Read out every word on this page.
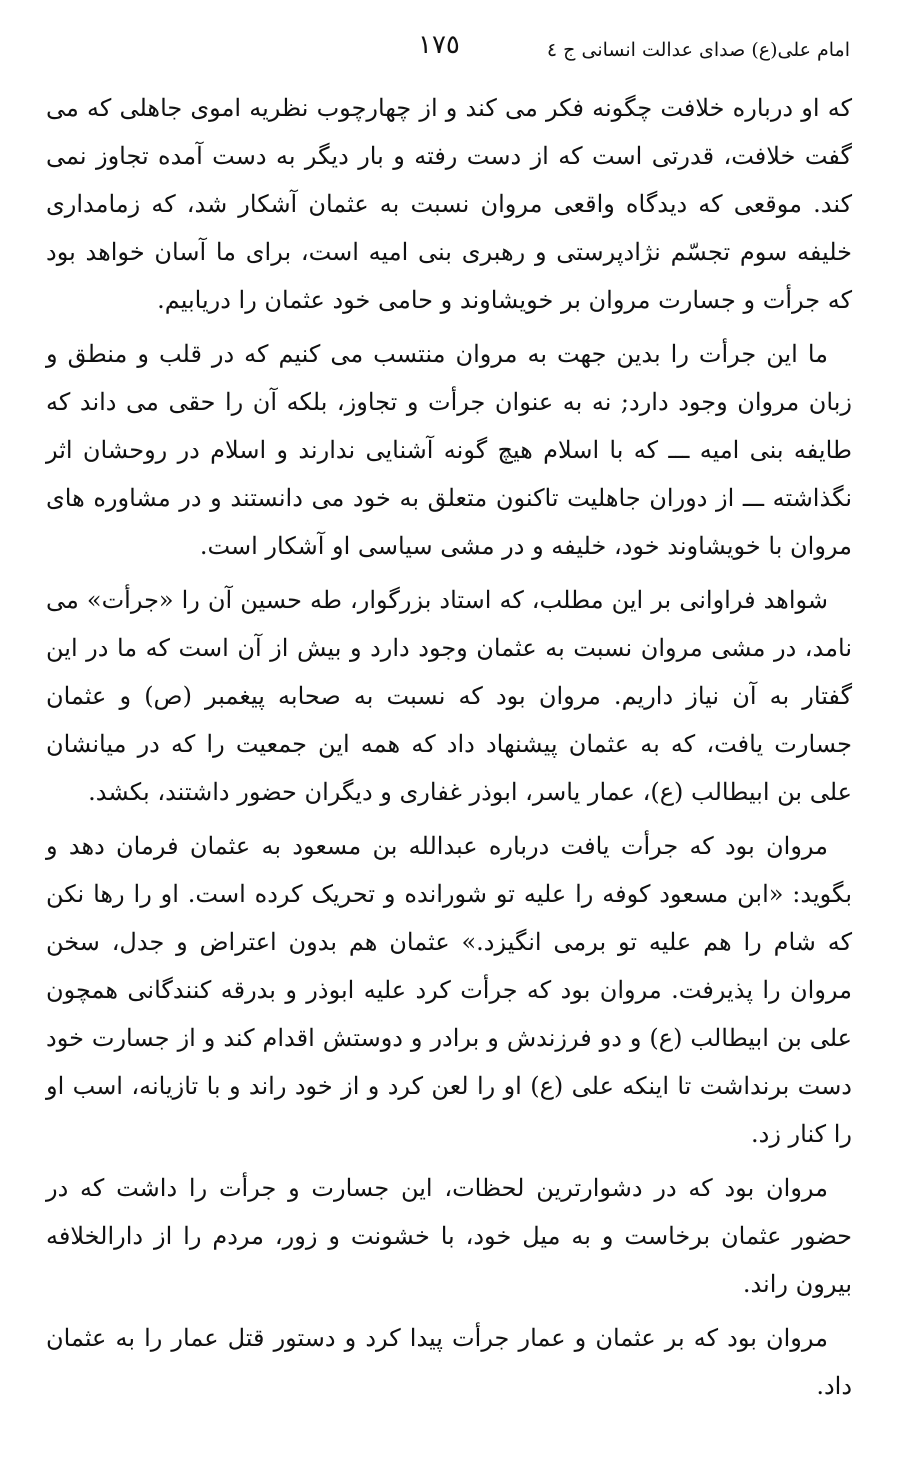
امام علی(ع) صدای عدالت انسانی ج ٤
١٧٥

كه او درباره خلافت چگونه فكر می كند و از چهارچوب نظريه اموی جاهلی كه می گفت خلافت، قدرتی است كه از دست رفته و بار ديگر به دست آمده تجاوز نمی كند. موقعی كه ديدگاه واقعی مروان نسبت به عثمان آشكار شد، كه زمامداری خليفه سوم تجسّم نژادپرستی و رهبری بنی اميه است، برای ما آسان خواهد بود كه جرأت و جسارت مروان بر خويشاوند و حامی خود عثمان را دريابيم.

ما اين جرأت را بدين جهت به مروان منتسب می كنيم كه در قلب و منطق و زبان مروان وجود دارد; نه به عنوان جرأت و تجاوز، بلكه آن را حقی می داند كه طايفه بنی اميه ـــ كه با اسلام هيچ گونه آشنايی ندارند و اسلام در روحشان اثر نگذاشته ـــ از دوران جاهليت تاكنون متعلق به خود می دانستند و در مشاوره های مروان با خويشاوند خود، خليفه و در مشی سياسی او آشكار است.

شواهد فراوانی بر اين مطلب، كه استاد بزرگوار، طه حسين آن را «جرأت» می نامد، در مشی مروان نسبت به عثمان وجود دارد و بيش از آن است كه ما در اين گفتار به آن نياز داريم. مروان بود كه نسبت به صحابه پيغمبر (ص) و عثمان جسارت يافت، كه به عثمان پيشنهاد داد كه همه اين جمعيت را كه در ميانشان علی بن ابيطالب (ع)، عمار ياسر، ابوذر غفاری و ديگران حضور داشتند، بكشد.

مروان بود كه جرأت يافت درباره عبدالله بن مسعود به عثمان فرمان دهد و بگويد: «ابن مسعود كوفه را عليه تو شورانده و تحريک كرده است. او را رها نكن كه شام را هم عليه تو برمی انگيزد.» عثمان هم بدون اعتراض و جدل، سخن مروان را پذيرفت. مروان بود كه جرأت كرد عليه ابوذر و بدرقه كنندگانی همچون علی بن ابيطالب (ع) و دو فرزندش و برادر و دوستش اقدام كند و از جسارت خود دست برنداشت تا اينكه علی (ع) او را لعن كرد و از خود راند و با تازيانه، اسب او را كنار زد.

مروان بود كه در دشوارترين لحظات، اين جسارت و جرأت را داشت كه در حضور عثمان برخاست و به ميل خود، با خشونت و زور، مردم را از دارالخلافه بيرون راند.

مروان بود كه بر عثمان و عمار جرأت پيدا كرد و دستور قتل عمار را به عثمان داد.
